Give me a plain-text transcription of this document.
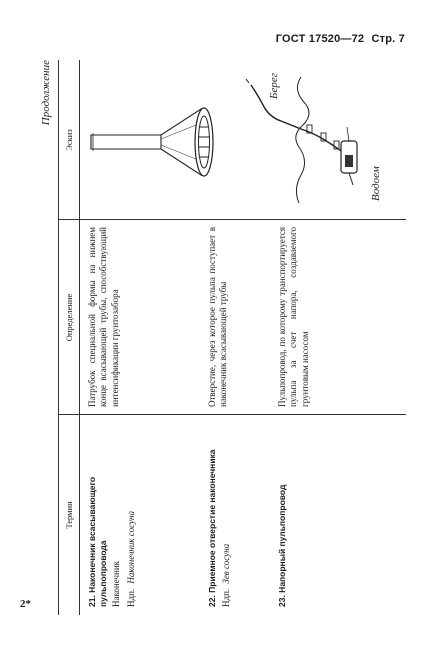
ГОСТ 17520—72 Стр. 7
2*
Продолжение
Термин
Определение
Эскиз
21. Наконечник всасывающего пульпопровода Наконечник Ндп. Наконечник сосуна
Патрубок специальной формы на нижнем конце всасывающей трубы, способствующий интенсификации грунтозабора
22. Приемное отверстие наконечника Ндп. Зев сосуна
Отверстие, через которое пульпа поступает в наконечник всасывающей трубы
23. Напорный пульпопровод
Пульпопровод, по которому транспортируется пульпа за счет напора, создаваемого грунтовым насосом
Берег
Водоем
